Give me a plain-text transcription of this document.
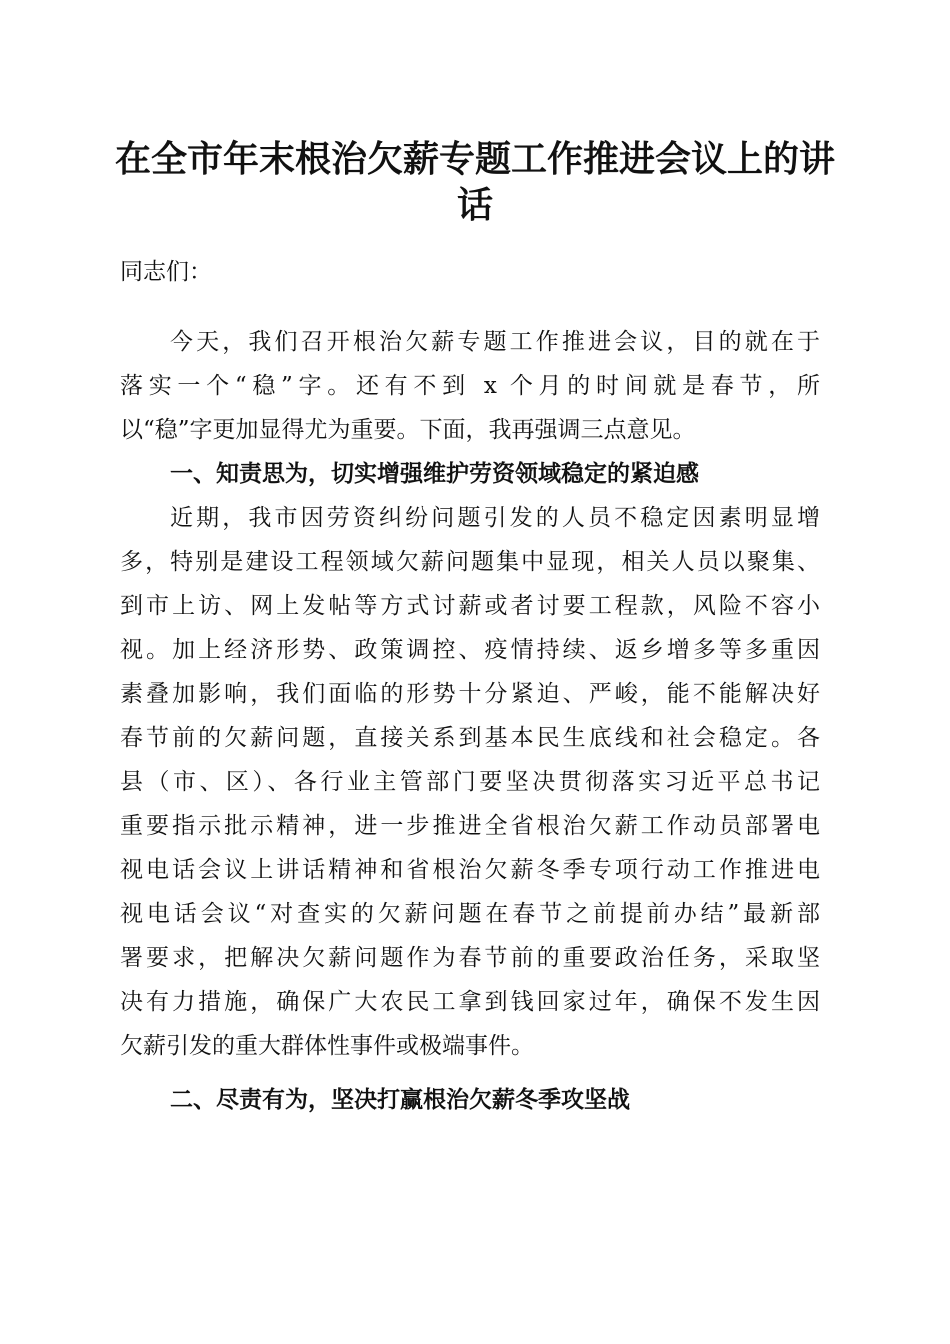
在全市年末根治欠薪专题工作推进会议上的讲话
同志们：
今天，我们召开根治欠薪专题工作推进会议，目的就在于
落实一个“稳”字。还有不到 x 个月的时间就是春节，所
以“稳”字更加显得尤为重要。下面，我再强调三点意见。
一、知责思为，切实增强维护劳资领域稳定的紧迫感
近期，我市因劳资纠纷问题引发的人员不稳定因素明显增
多，特别是建设工程领域欠薪问题集中显现，相关人员以聚集、
到市上访、网上发帖等方式讨薪或者讨要工程款，风险不容小
视。加上经济形势、政策调控、疫情持续、返乡增多等多重因
素叠加影响，我们面临的形势十分紧迫、严峻，能不能解决好
春节前的欠薪问题，直接关系到基本民生底线和社会稳定。各
县（市、区）、各行业主管部门要坚决贯彻落实习近平总书记
重要指示批示精神，进一步推进全省根治欠薪工作动员部署电
视电话会议上讲话精神和省根治欠薪冬季专项行动工作推进电
视电话会议“对查实的欠薪问题在春节之前提前办结”最新部
署要求，把解决欠薪问题作为春节前的重要政治任务，采取坚
决有力措施，确保广大农民工拿到钱回家过年，确保不发生因
欠薪引发的重大群体性事件或极端事件。
二、尽责有为，坚决打赢根治欠薪冬季攻坚战
